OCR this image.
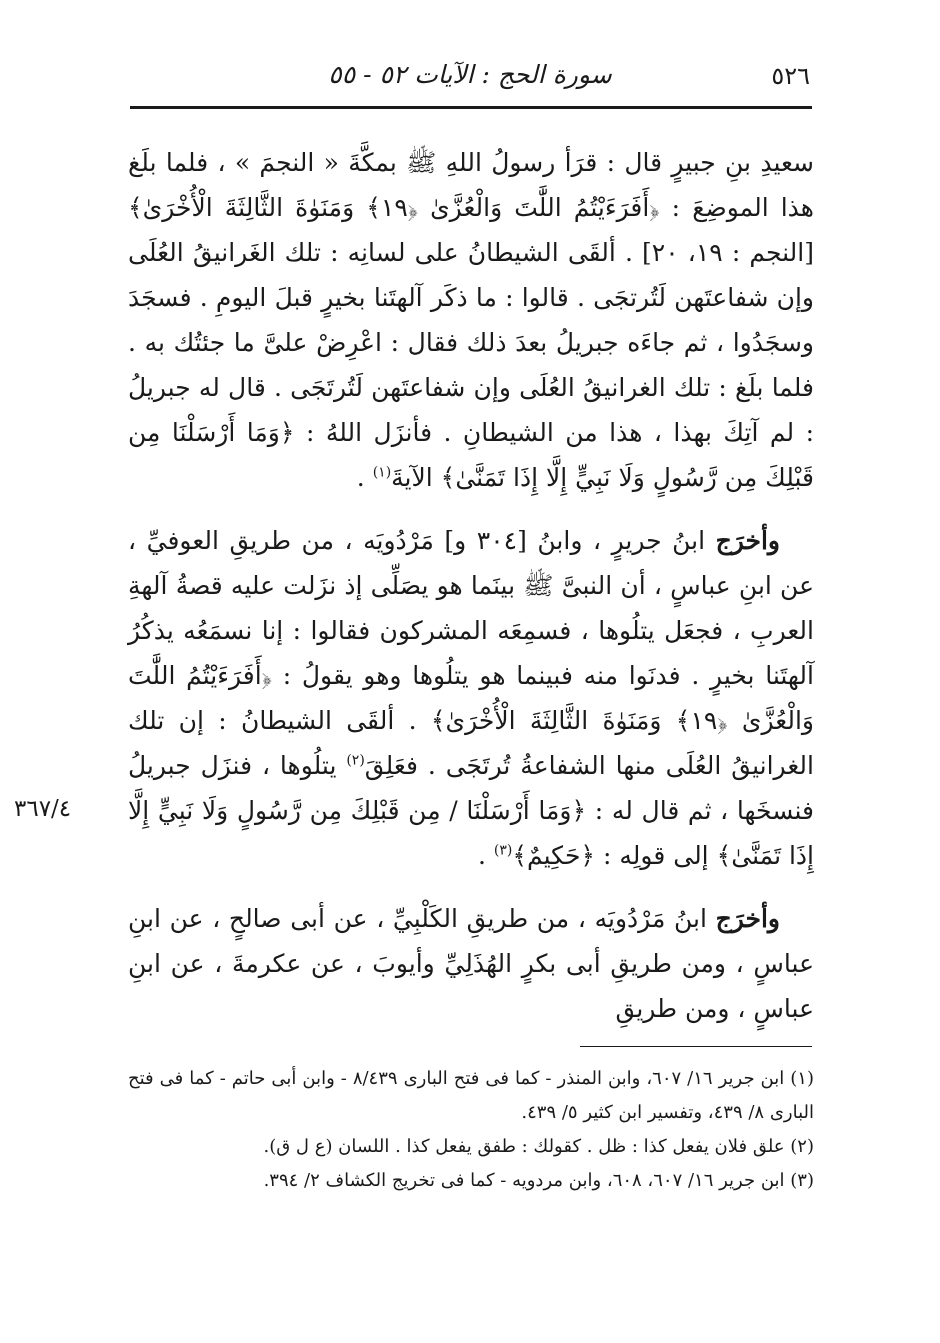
٥٢٦
سورة الحج : الآيات ٥٢ - ٥٥

سعيدِ بنِ جبيرٍ قال : قرَأ رسولُ اللهِ ﷺ بمكَّةَ « النجمَ » ، فلما بلَغ هذا الموضِعَ : ﴿أَفَرَءَيْتُمُ اللَّٰتَ وَالْعُزَّىٰ ﴿١٩﴾ وَمَنَوٰةَ الثَّالِثَةَ الْأُخْرَىٰ﴾ [النجم : ١٩، ٢٠] . ألقَى الشيطانُ على لسانِه : تلك الغَرانيقُ العُلَى وإن شفاعتَهن لَتُرتجَى . قالوا : ما ذكَر آلهتَنا بخيرٍ قبلَ اليومِ . فسجَدَ وسجَدُوا ، ثم جاءَه جبريلُ بعدَ ذلك فقال : اعْرِضْ علىَّ ما جئتُك به . فلما بلَغ : تلك الغرانيقُ العُلَى وإن شفاعتَهن لَتُرتَجَى . قال له جبريلُ : لم آتِكَ بهذا ، هذا من الشيطانِ . فأنزَل اللهُ : ﴿وَمَا أَرْسَلْنَا مِن قَبْلِكَ مِن رَّسُولٍ وَلَا نَبِيٍّ إِلَّا إِذَا تَمَنَّىٰ﴾ الآيةَ$^{(١)}$ .

وأخرَج ابنُ جريرٍ ، وابنُ [٣٠٤ و] مَرْدُويَه ، من طريقِ العوفيِّ ، عن ابنِ عباسٍ ، أن النبىَّ ﷺ بينَما هو يصَلِّى إذ نزَلت عليه قصةُ آلهةِ العربِ ، فجعَل يتلُوها ، فسمِعَه المشركون فقالوا : إنا نسمَعُه يذكُرُ آلهتَنا بخيرٍ . فدنَوا منه فبينما هو يتلُوها وهو يقولُ : ﴿أَفَرَءَيْتُمُ اللَّٰتَ وَالْعُزَّىٰ ﴿١٩﴾ وَمَنَوٰةَ الثَّالِثَةَ الْأُخْرَىٰ﴾ . ألقَى الشيطانُ : إن تلك الغرانيقُ العُلَى منها الشفاعةُ تُرتَجَى . فعَلِقَ$^{(٢)}$ يتلُوها ، فنزَل جبريلُ فنسخَها ، ثم قال له : ﴿وَمَا أَرْسَلْنَا / مِن قَبْلِكَ مِن رَّسُولٍ وَلَا نَبِيٍّ إِلَّا إِذَا تَمَنَّىٰ﴾ إلى قولِه : ﴿حَكِيمٌ﴾$^{(٣)}$ .

وأخرَج ابنُ مَرْدُويَه ، من طريقِ الكَلْبِيِّ ، عن أبى صالحٍ ، عن ابنِ عباسٍ ، ومن طريقِ أبى بكرٍ الهُذَلِيِّ وأيوبَ ، عن عكرمةَ ، عن ابنِ عباسٍ ، ومن طريقِ

٣٦٧/٤

(١) ابن جرير ١٦/ ٦٠٧، وابن المنذر - كما فى فتح البارى ٨/٤٣٩ - وابن أبى حاتم - كما فى فتح البارى ٨/ ٤٣٩، وتفسير ابن كثير ٥/ ٤٣٩.

(٢) علق فلان يفعل كذا : ظل . كقولك : طفق يفعل كذا . اللسان (ع ل ق).

(٣) ابن جرير ١٦/ ٦٠٧، ٦٠٨، وابن مردويه - كما فى تخريج الكشاف ٢/ ٣٩٤.
